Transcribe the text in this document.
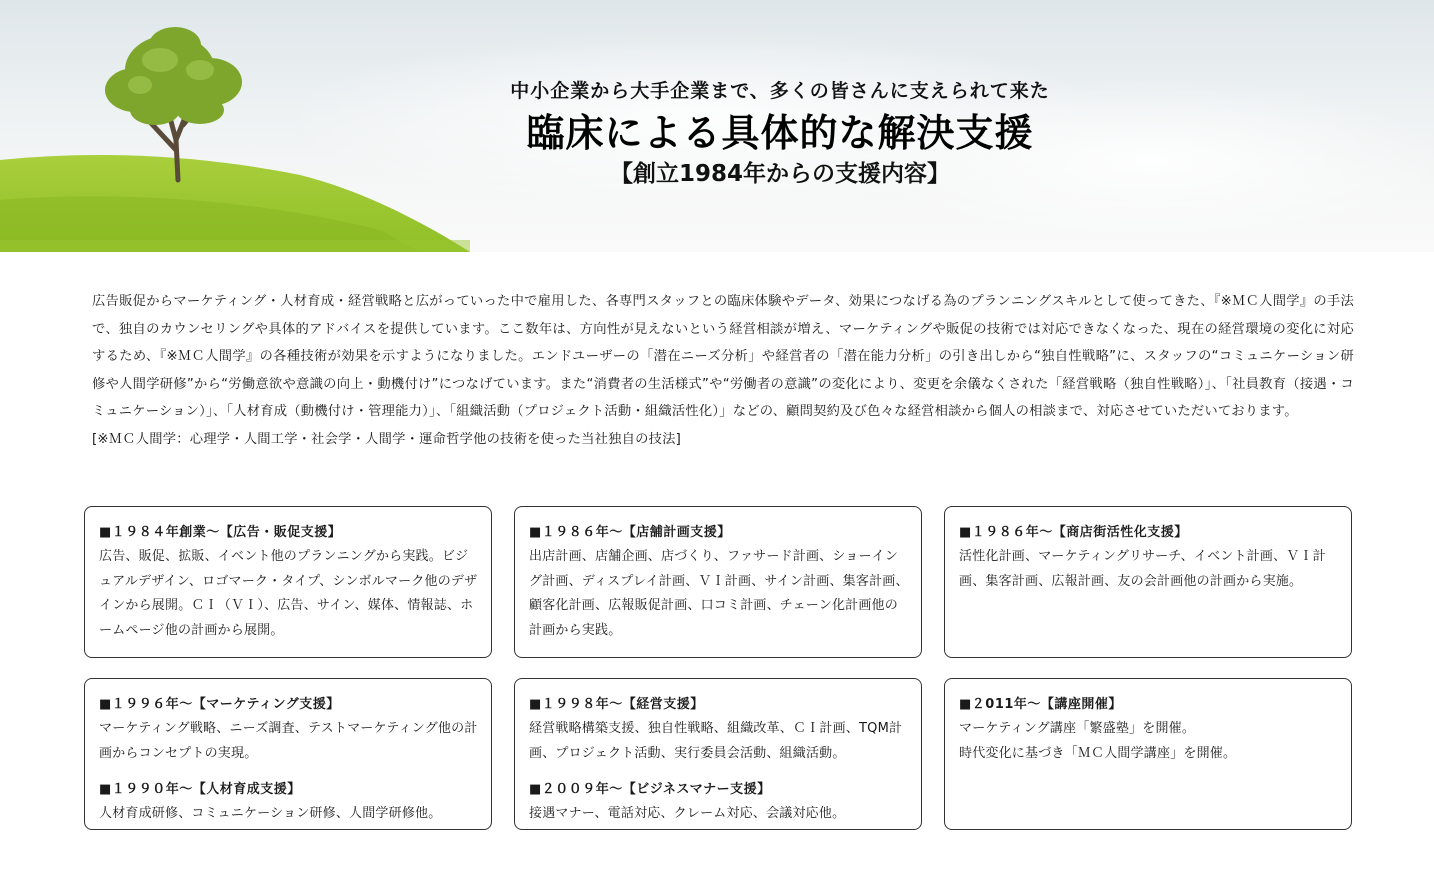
中小企業から大手企業まで、多くの皆さんに支えられて来た
臨床による具体的な解決支援
【創立1984年からの支援内容】

広告販促からマーケティング・人材育成・経営戦略と広がっていった中で雇用した、各専門スタッフとの臨床体験やデータ、効果につなげる為のプランニングスキルとして使ってきた、『※ＭＣ人間学』の手法で、独自のカウンセリングや具体的アドバイスを提供しています。ここ数年は、方向性が見えないという経営相談が増え、マーケティングや販促の技術では対応できなくなった、現在の経営環境の変化に対応するため、『※ＭＣ人間学』の各種技術が効果を示すようになりました。エンドユーザーの「潜在ニーズ分析」や経営者の「潜在能力分析」の引き出しから“独自性戦略”に、スタッフの“コミュニケーション研修や人間学研修”から“労働意欲や意識の向上・動機付け”につなげています。また“消費者の生活様式”や“労働者の意識”の変化により、変更を余儀なくされた「経営戦略（独自性戦略）」、「社員教育（接遇・コミュニケーション）」、「人材育成（動機付け・管理能力）」、「組織活動（プロジェクト活動・組織活性化）」などの、顧問契約及び色々な経営相談から個人の相談まで、対応させていただいております。

[※ＭＣ人間学：心理学・人間工学・社会学・人間学・運命哲学他の技術を使った当社独自の技法]

■１９８４年創業～【広告・販促支援】
広告、販促、拡販、イベント他のプランニングから実践。ビジュアルデザイン、ロゴマーク・タイプ、シンボルマーク他のデザインから展開。ＣＩ（ＶＩ）、広告、サイン、媒体、情報誌、ホームページ他の計画から展開。
■１９８６年～【店舗計画支援】
出店計画、店舗企画、店づくり、ファサード計画、ショーイング計画、ディスプレイ計画、ＶＩ計画、サイン計画、集客計画、顧客化計画、広報販促計画、口コミ計画、チェーン化計画他の計画から実践。
■１９８６年～【商店街活性化支援】
活性化計画、マーケティングリサーチ、イベント計画、ＶＩ計画、集客計画、広報計画、友の会計画他の計画から実施。
■１９９６年～【マーケティング支援】
マーケティング戦略、ニーズ調査、テストマーケティング他の計画からコンセプトの実現。
■１９９０年～【人材育成支援】
人材育成研修、コミュニケーション研修、人間学研修他。
■１９９８年～【経営支援】
経営戦略構築支援、独自性戦略、組織改革、ＣＩ計画、TQM計画、プロジェクト活動、実行委員会活動、組織活動。
■２００９年～【ビジネスマナー支援】
接遇マナー、電話対応、クレーム対応、会議対応他。
■２011年～【講座開催】
マーケティング講座「繁盛塾」を開催。
時代変化に基づき「ＭＣ人間学講座」を開催。
